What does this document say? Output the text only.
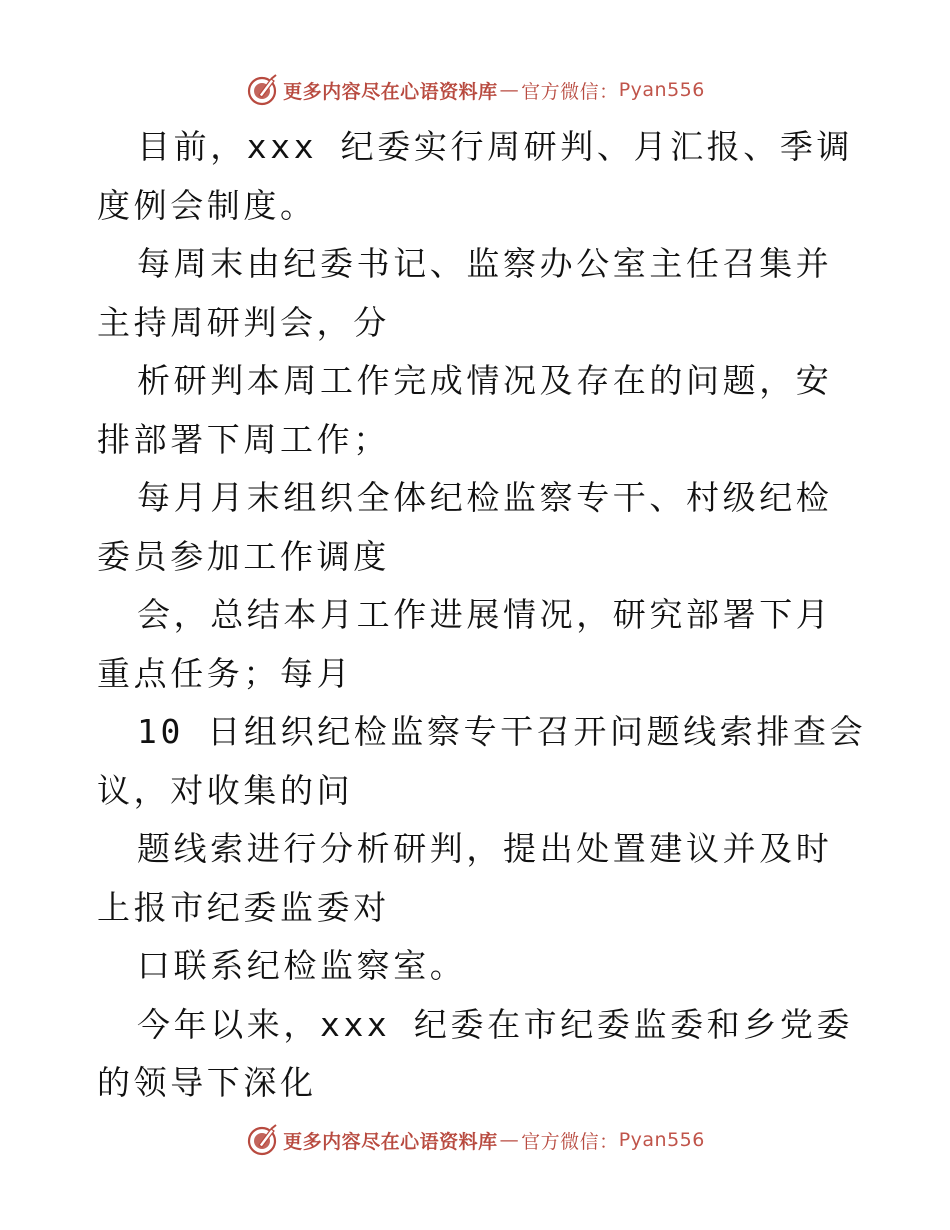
更多内容尽在心语资料库 — 官方微信： Pyan556

目前，xxx 纪委实行周研判、月汇报、季调度例会制度。

每周末由纪委书记、监察办公室主任召集并主持周研判会，分

析研判本周工作完成情况及存在的问题，安排部署下周工作；

每月月末组织全体纪检监察专干、村级纪检委员参加工作调度

会，总结本月工作进展情况，研究部署下月重点任务；每月

10 日组织纪检监察专干召开问题线索排查会议，对收集的问

题线索进行分析研判，提出处置建议并及时上报市纪委监委对

口联系纪检监察室。

今年以来，xxx 纪委在市纪委监委和乡党委的领导下深化

更多内容尽在心语资料库 — 官方微信： Pyan556
